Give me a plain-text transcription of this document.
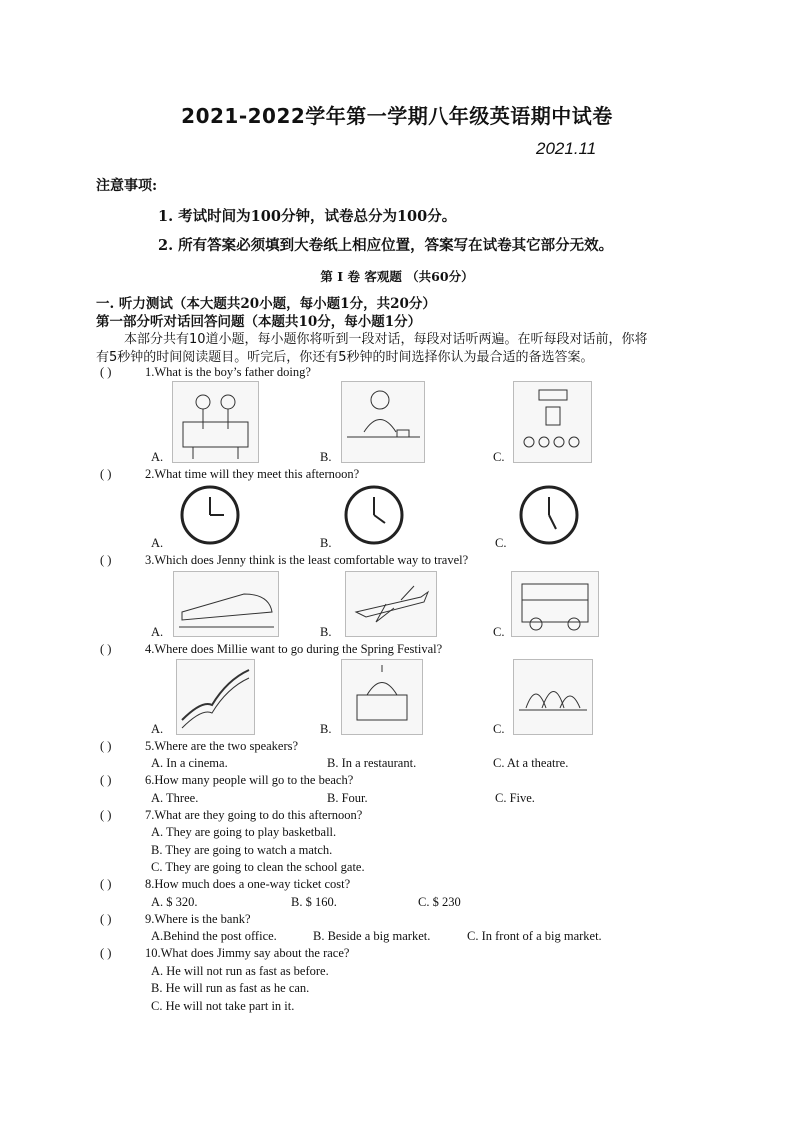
2021-2022学年第一学期八年级英语期中试卷
2021.11
注意事项:
1. 考试时间为100分钟，试卷总分为100分。
2. 所有答案必须填到大卷纸上相应位置，答案写在试卷其它部分无效。
第 I 卷 客观题 （共60分）
一. 听力测试（本大题共20小题，每小题1分，共20分）
第一部分听对话回答问题（本题共10分，每小题1分）
本部分共有10道小题，每小题你将听到一段对话，每段对话听两遍。在听每段对话前，你将
有5秒钟的时间阅读题目。听完后，你还有5秒钟的时间选择你认为最合适的备选答案。
( )	1.What is the boy’s father doing?
A.	B.	C.
( )	2.What time will they meet this afternoon?
A.	B.	C.
( )	3.Which does Jenny think is the least comfortable way to travel?
A.	B.	C.
( )	4.Where does Millie want to go during the Spring Festival?
A.	B.	C.
( )	5.Where are the two speakers?
A. In a cinema.	B. In a restaurant.	C. At a theatre.
( )	6.How many people will go to the beach?
A. Three.	B. Four.	C. Five.
( )	7.What are they going to do this afternoon?
A. They are going to play basketball.
B. They are going to watch a match.
C. They are going to clean the school gate.
( )	8.How much does a one-way ticket cost?
A. $ 320.	B. $ 160.	C. $ 230
( )	9.Where is the bank?
A.Behind the post office.	B. Beside a big market.	C. In front of a big market.
( )	10.What does Jimmy say about the race?
A. He will not run as fast as before.
B. He will run as fast as he can.
C. He will not take part in it.
